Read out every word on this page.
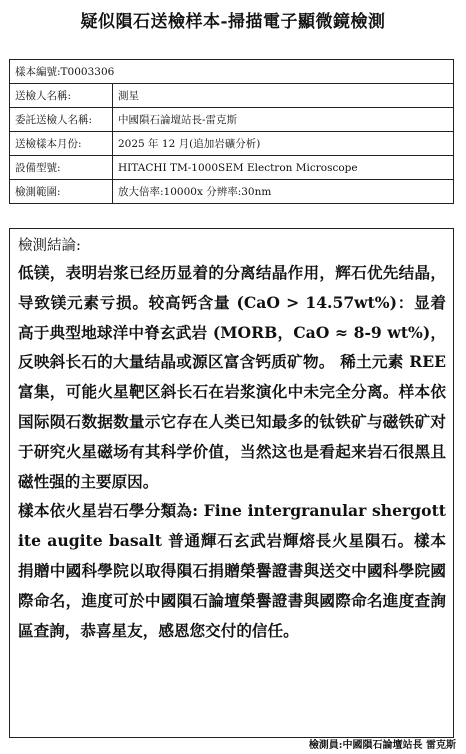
疑似隕石送檢样本-掃描電子顯微鏡檢測
樣本編號:T0003306	
送檢人名稱:	測星
委託送檢人名稱:	中國隕石論壇站長-雷克斯
送檢樣本月份:	2025 年 12 月(追加岩礦分析)
設備型號:	HITACHI TM-1000SEM Electron Microscope
檢測範圍:	放大倍率:10000x 分辨率:30nm
檢測結論:

低镁，表明岩浆已经历显着的分离结晶作用，辉石优先结晶，导致镁元素亏损。较高钙含量 (CaO > 14.57wt%)：显着高于典型地球洋中脊玄武岩 (MORB，CaO ≈ 8-9 wt%)，反映斜长石的大量结晶或源区富含钙质矿物。 稀土元素 REE 富集，可能火星靶区斜长石在岩浆演化中未完全分离。样本依国际陨石数据数量示它存在人类已知最多的钛铁矿与磁铁矿对于研究火星磁场有其科学价值，当然这也是看起来岩石很黑且磁性强的主要原因。

樣本依火星岩石學分類為: Fine intergranular shergottite augite basalt 普通輝石玄武岩輝熔長火星隕石。樣本捐贈中國科學院以取得隕石捐贈榮譽證書與送交中國科學院國際命名，進度可於中國隕石論壇榮譽證書與國際命名進度查詢區查詢，恭喜星友，感恩您交付的信任。

檢測員:中國隕石論壇站長 雷克斯
